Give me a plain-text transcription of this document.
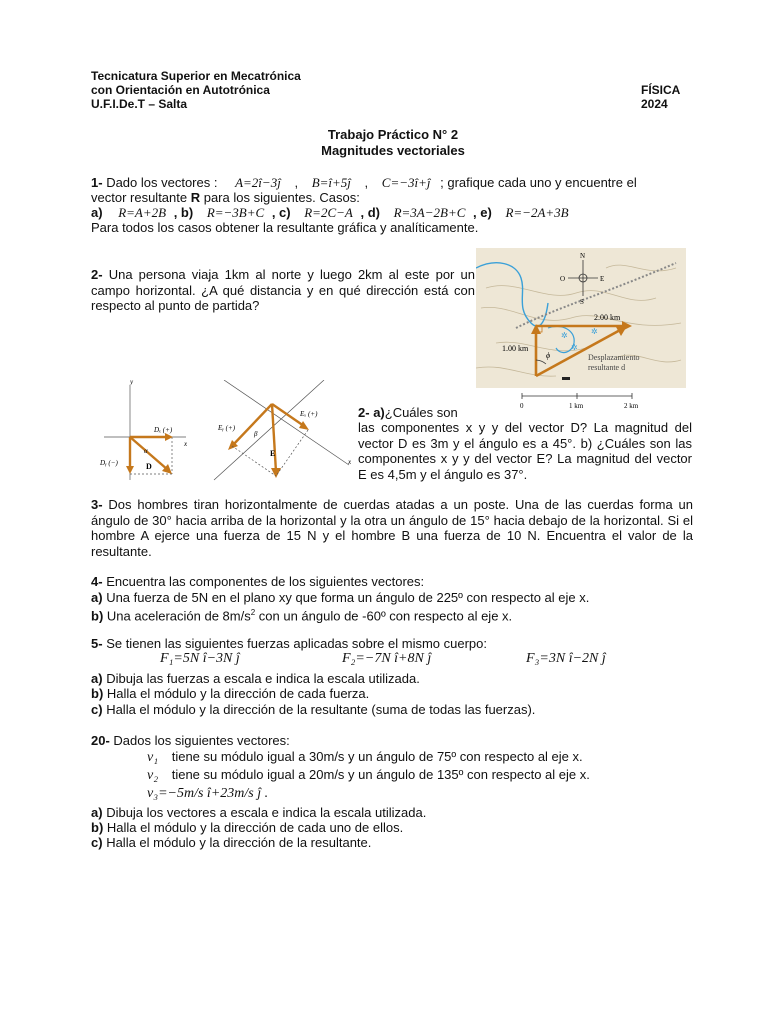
Tecnicatura Superior en Mecatrónica
con Orientación en Autotrónica
U.F.I.De.T – Salta
FÍSICA
2024
Trabajo Práctico N° 2
Magnitudes vectoriales
1- Dado los vectores : A=2î−3ĵ , B=î+5ĵ , C=−3î+ĵ ; grafique cada uno y encuentre el
vector resultante R para los siguientes. Casos:
a) R=A+2B , b) R=−3B+C , c) R=2C−A , d) R=3A−2B+C , e) R=−2A+3B
Para todos los casos obtener la resultante gráfica y analíticamente.
2- Una persona viaja 1km al norte y luego 2km al este por un campo horizontal. ¿A qué distancia y en qué dirección está con respecto al punto de partida?
✲	✲
✲
N
S
E
O
2.00 km
1.00 km
ϕ	Desplazamiento
resultante d
0	1 km	2 km
y
x
Dₓ (+)
Dᵧ (−)
α
D
Eᵧ (+)
Eₓ (+)
β
E
x
2- a)¿Cuáles son
las componentes x y y del vector D? La magnitud del vector D es 3m y el ángulo es a 45°. b) ¿Cuáles son las componentes x y y del vector E? La magnitud del vector E es 4,5m y el ángulo es 37°.
3- Dos hombres tiran horizontalmente de cuerdas atadas a un poste. Una de las cuerdas forma un ángulo de 30° hacia arriba de la horizontal y la otra un ángulo de 15° hacia debajo de la horizontal. Si el hombre A ejerce una fuerza de 15 N y el hombre B una fuerza de 10 N. Encuentra el valor de la resultante.
4- Encuentra las componentes de los siguientes vectores:
a) Una fuerza de 5N en el plano xy que forma un ángulo de 225º con respecto al eje x.
b) Una aceleración de $8m/s^2$ con un ángulo de -60º con respecto al eje x.
5- Se tienen las siguientes fuerzas aplicadas sobre el mismo cuerpo:
F₁=5N î−3N ĵ	F₂=−7N î+8N ĵ	F₃=3N î−2N ĵ
a) Dibuja las fuerzas a escala e indica la escala utilizada.
b) Halla el módulo y la dirección de cada fuerza.
c) Halla el módulo y la dirección de la resultante (suma de todas las fuerzas).
20- Dados los siguientes vectores:
v₁ tiene su módulo igual a 30m/s y un ángulo de 75º con respecto al eje x.
v₂ tiene su módulo igual a 20m/s y un ángulo de 135º con respecto al eje x.
v₃=−5m/s î+23m/s ĵ .
a) Dibuja los vectores a escala e indica la escala utilizada.
b) Halla el módulo y la dirección de cada uno de ellos.
c) Halla el módulo y la dirección de la resultante.
